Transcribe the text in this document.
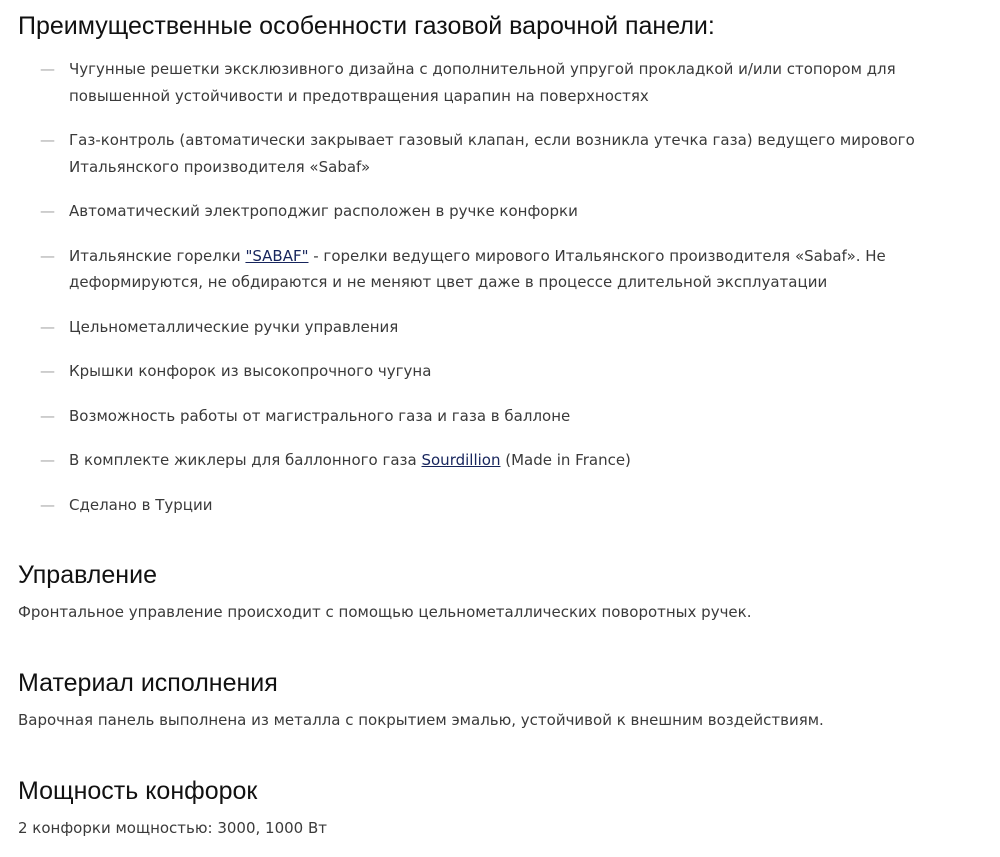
Преимущественные особенности газовой варочной панели:
— Чугунные решетки эксклюзивного дизайна с дополнительной упругой прокладкой и/или стопором для повышенной устойчивости и предотвращения царапин на поверхностях
— Газ-контроль (автоматически закрывает газовый клапан, если возникла утечка газа) ведущего мирового Итальянского производителя «Sabaf»
— Автоматический электроподжиг расположен в ручке конфорки
— Итальянские горелки "SABAF" - горелки ведущего мирового Итальянского производителя «Sabaf». Не деформируются, не обдираются и не меняют цвет даже в процессе длительной эксплуатации
— Цельнометаллические ручки управления
— Крышки конфорок из высокопрочного чугуна
— Возможность работы от магистрального газа и газа в баллоне
— В комплекте жиклеры для баллонного газа Sourdillion (Made in France)
— Сделано в Турции
Управление

Фронтальное управление происходит с помощью цельнометаллических поворотных ручек.

Материал исполнения

Варочная панель выполнена из металла с покрытием эмалью, устойчивой к внешним воздействиям.

Мощность конфорок

2 конфорки мощностью: 3000, 1000 Вт
